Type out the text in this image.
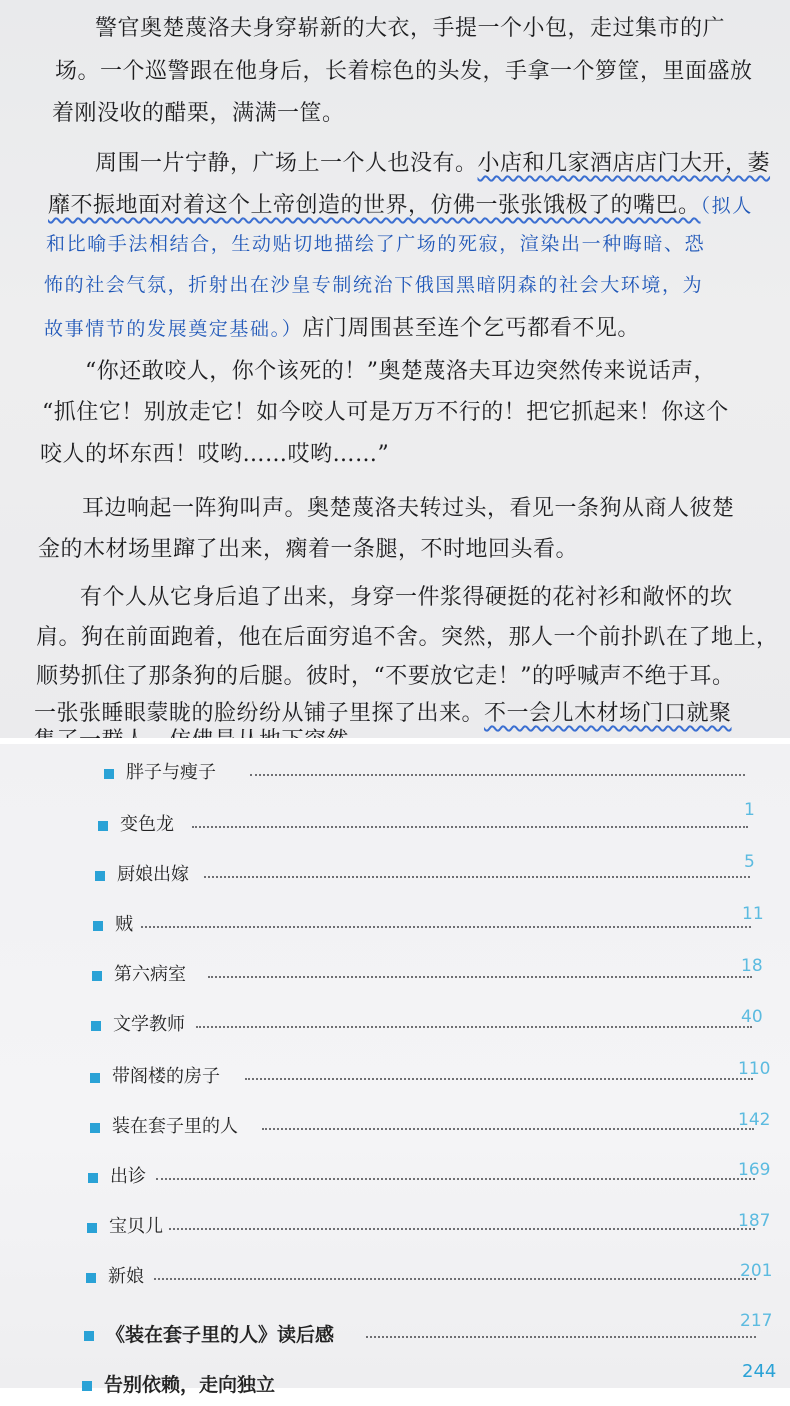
警官奥楚蔑洛夫身穿崭新的大衣，手提一个小包，走过集市的广
场。一个巡警跟在他身后，长着棕色的头发，手拿一个箩筐，里面盛放
着刚没收的醋栗，满满一筐。
周围一片宁静，广场上一个人也没有。小店和几家酒店店门大开，萎
靡不振地面对着这个上帝创造的世界，仿佛一张张饿极了的嘴巴。（拟人
和比喻手法相结合，生动贴切地描绘了广场的死寂，渲染出一种晦暗、恐
怖的社会气氛，折射出在沙皇专制统治下俄国黑暗阴森的社会大环境，为
故事情节的发展奠定基础。）店门周围甚至连个乞丐都看不见。
“你还敢咬人，你个该死的！”奥楚蔑洛夫耳边突然传来说话声，
“抓住它！别放走它！如今咬人可是万万不行的！把它抓起来！你这个
咬人的坏东西！哎哟……哎哟……”
耳边响起一阵狗叫声。奥楚蔑洛夫转过头，看见一条狗从商人彼楚
金的木材场里蹿了出来，瘸着一条腿，不时地回头看。
有个人从它身后追了出来，身穿一件浆得硬挺的花衬衫和敞怀的坎
肩。狗在前面跑着，他在后面穷追不舍。突然，那人一个前扑趴在了地上，
顺势抓住了那条狗的后腿。彼时，“不要放它走！”的呼喊声不绝于耳。
一张张睡眼蒙眬的脸纷纷从铺子里探了出来。不一会儿木材场门口就聚
胖子与瘦子
1
变色龙
5
厨娘出嫁
11
贼
18
第六病室
40
文学教师
110
带阁楼的房子
142
装在套子里的人
169
出诊
187
宝贝儿
201
新娘
217
《装在套子里的人》读后感
244
告别依赖，走向独立
